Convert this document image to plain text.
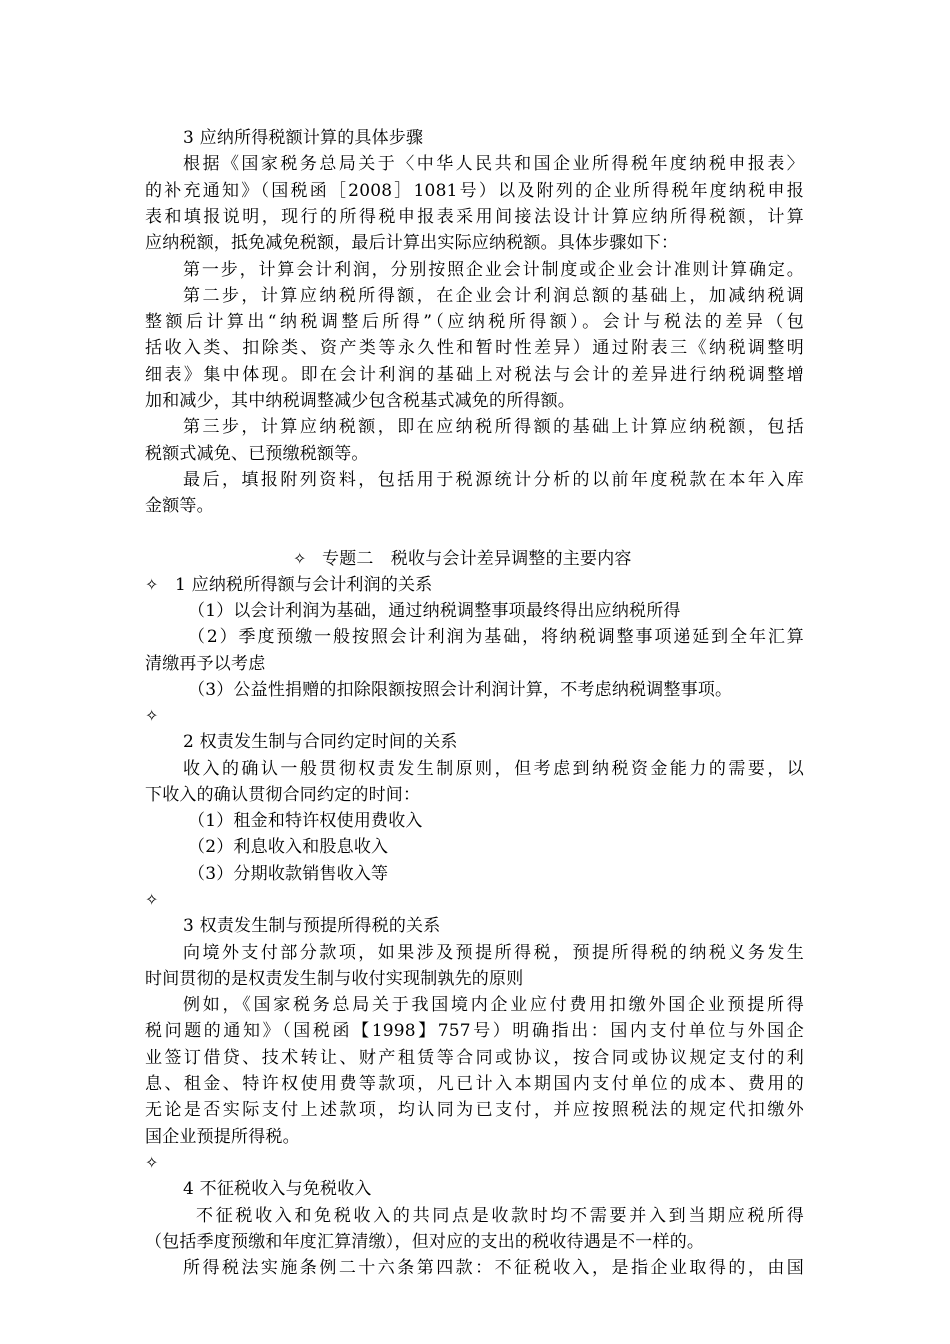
3 应纳所得税额计算的具体步骤
根据《国家税务总局关于〈中华人民共和国企业所得税年度纳税申报表〉
的补充通知》（国税函［2008］1081号）以及附列的企业所得税年度纳税申报
表和填报说明，现行的所得税申报表采用间接法设计计算应纳所得税额，计算
应纳税额，抵免减免税额，最后计算出实际应纳税额。具体步骤如下：
第一步，计算会计利润，分别按照企业会计制度或企业会计准则计算确定。
第二步，计算应纳税所得额，在企业会计利润总额的基础上，加减纳税调
整额后计算出“纳税调整后所得”（应纳税所得额）。会计与税法的差异（包
括收入类、扣除类、资产类等永久性和暂时性差异）通过附表三《纳税调整明
细表》集中体现。即在会计利润的基础上对税法与会计的差异进行纳税调整增
加和减少，其中纳税调整减少包含税基式减免的所得额。
第三步，计算应纳税额，即在应纳税所得额的基础上计算应纳税额，包括
税额式减免、已预缴税额等。
最后，填报附列资料，包括用于税源统计分析的以前年度税款在本年入库
金额等。
✧ 专题二　税收与会计差异调整的主要内容
✧ 1 应纳税所得额与会计利润的关系
（1）以会计利润为基础，通过纳税调整事项最终得出应纳税所得
（2）季度预缴一般按照会计利润为基础，将纳税调整事项递延到全年汇算
清缴再予以考虑
（3）公益性捐赠的扣除限额按照会计利润计算，不考虑纳税调整事项。
✧
2 权责发生制与合同约定时间的关系
收入的确认一般贯彻权责发生制原则，但考虑到纳税资金能力的需要，以
下收入的确认贯彻合同约定的时间：
（1）租金和特许权使用费收入
（2）利息收入和股息收入
（3）分期收款销售收入等
✧
3 权责发生制与预提所得税的关系
向境外支付部分款项，如果涉及预提所得税，预提所得税的纳税义务发生
时间贯彻的是权责发生制与收付实现制孰先的原则
例如，《国家税务总局关于我国境内企业应付费用扣缴外国企业预提所得
税问题的通知》（国税函【1998】757号）明确指出：国内支付单位与外国企
业签订借贷、技术转让、财产租赁等合同或协议，按合同或协议规定支付的利
息、租金、特许权使用费等款项，凡已计入本期国内支付单位的成本、费用的
无论是否实际支付上述款项，均认同为已支付，并应按照税法的规定代扣缴外
国企业预提所得税。
✧
4 不征税收入与免税收入
不征税收入和免税收入的共同点是收款时均不需要并入到当期应税所得
（包括季度预缴和年度汇算清缴），但对应的支出的税收待遇是不一样的。
所得税法实施条例二十六条第四款：不征税收入，是指企业取得的，由国
